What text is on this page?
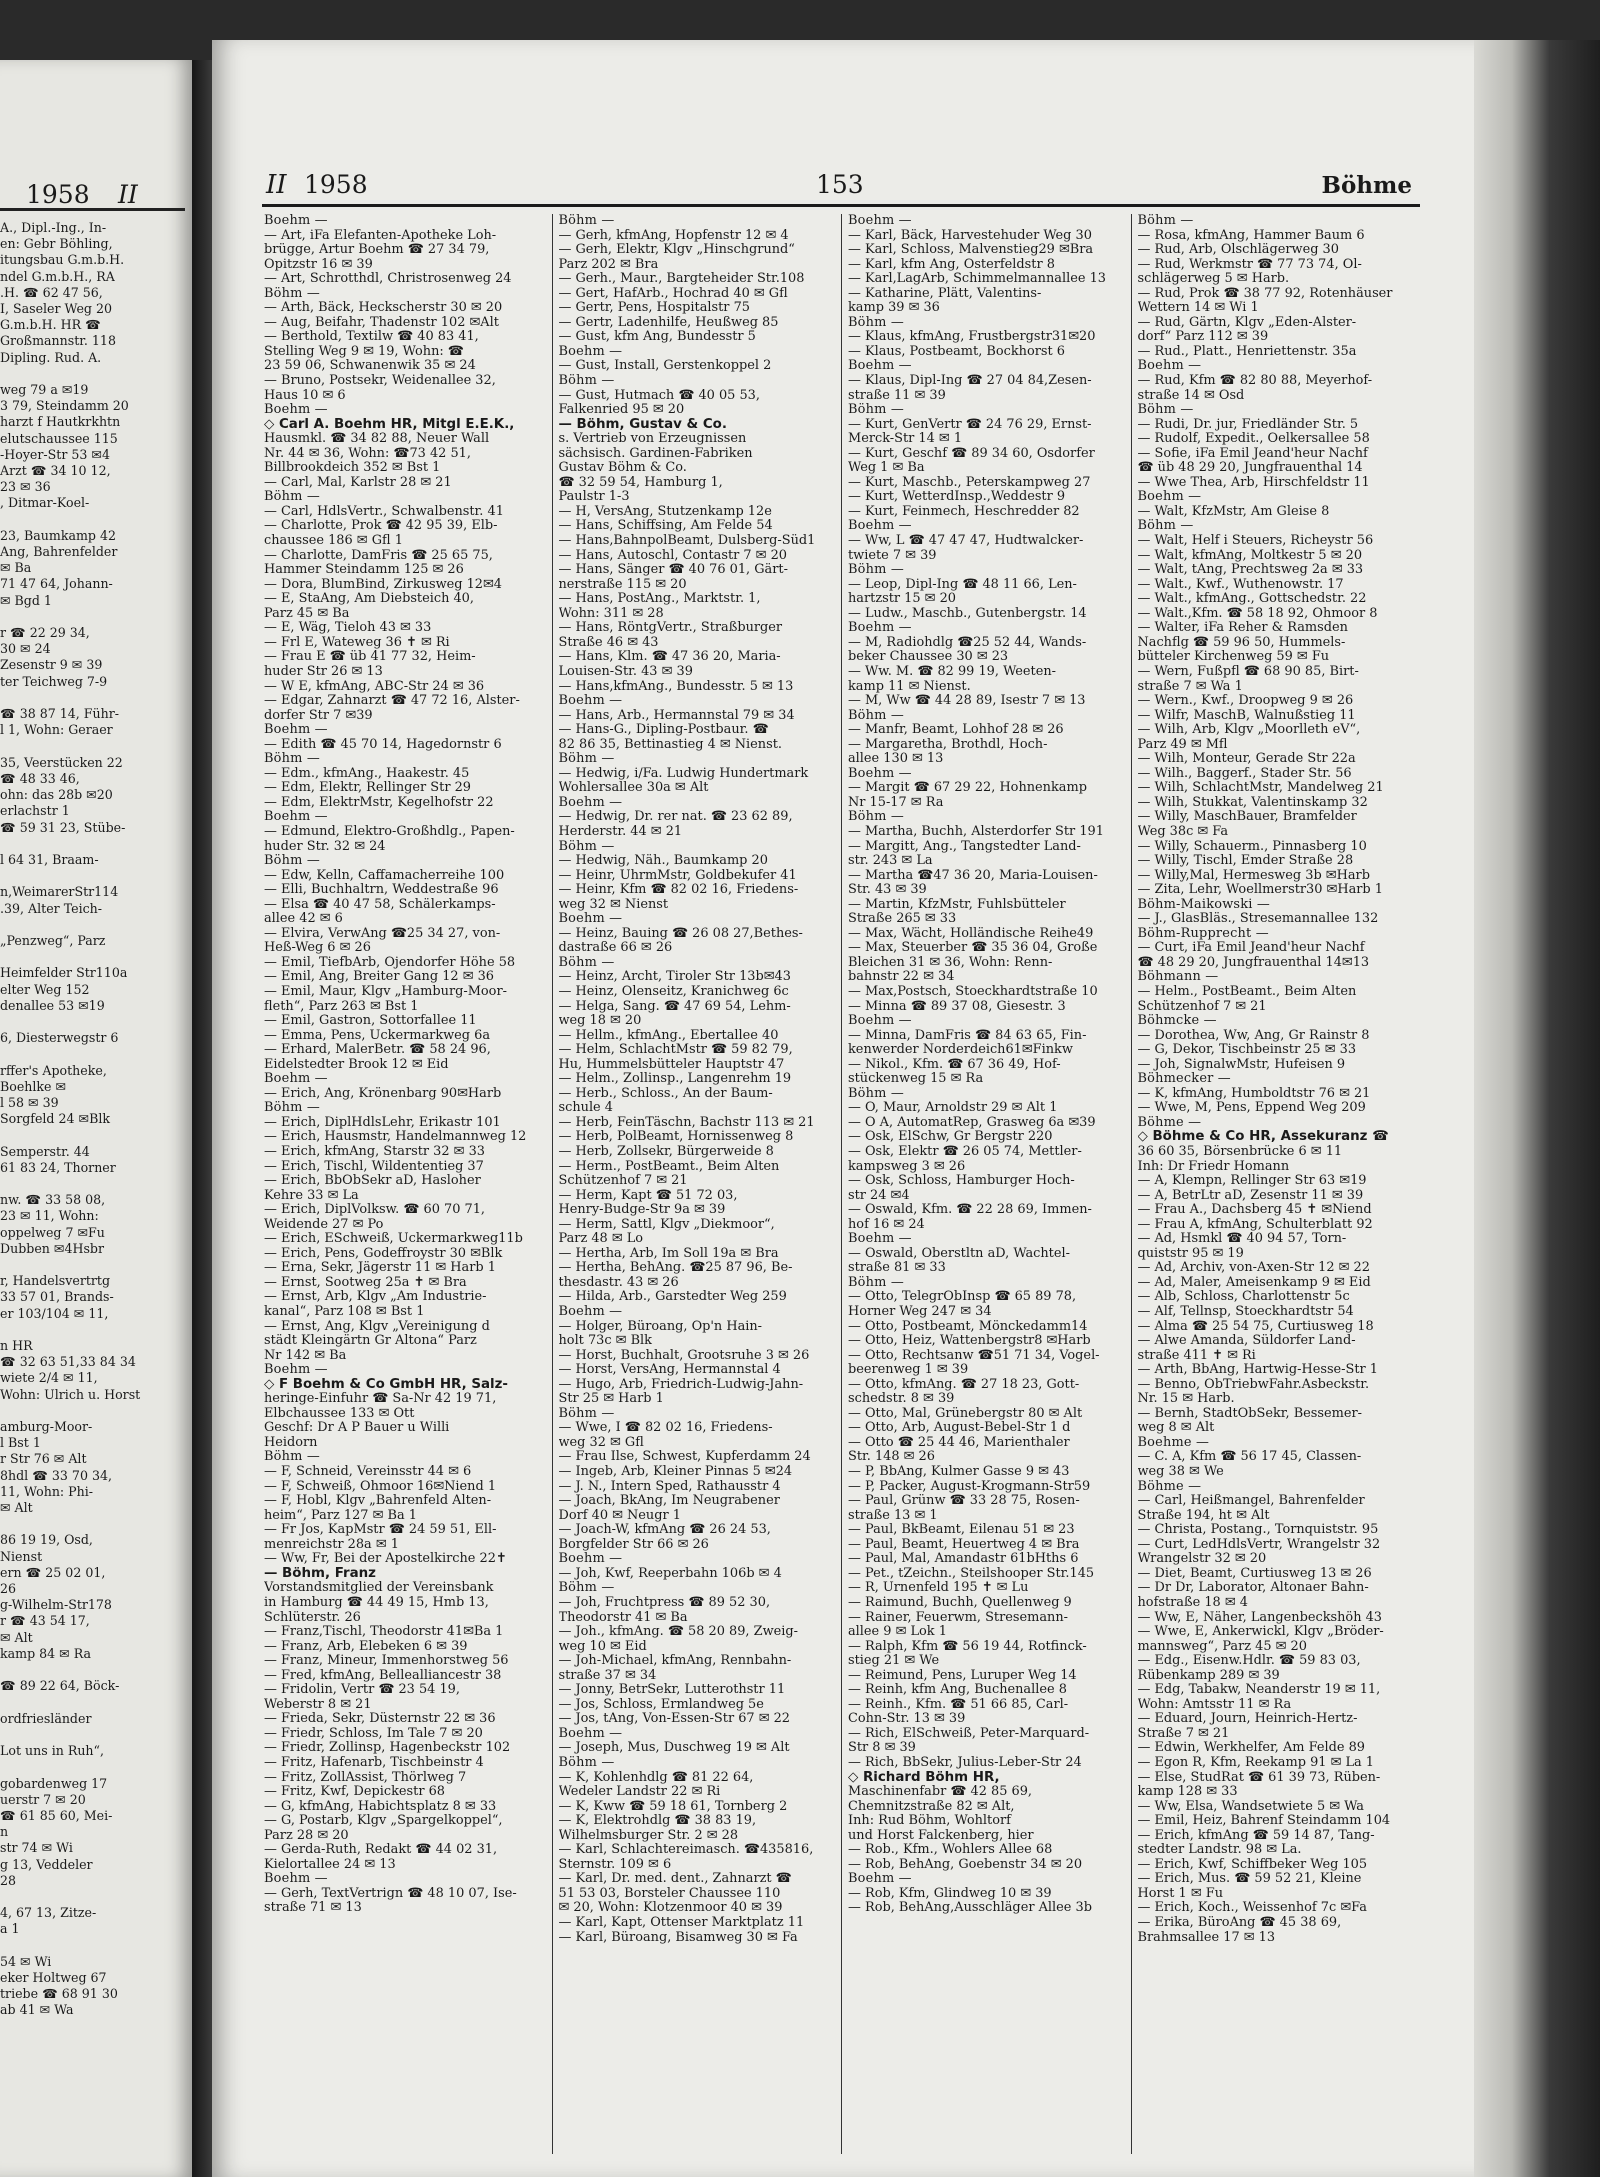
1958 II
A., Dipl.-Ing., In-
en: Gebr Böhling,
itungsbau G.m.b.H.
ndel G.m.b.H., RA
.H. ☎ 62 47 56,
I, Saseler Weg 20
G.m.b.H. HR ☎
Großmannstr. 118
Dipling. Rud. A.

weg 79 a ✉19
3 79, Steindamm 20
harzt f Hautkrkhtn
elutschaussee 115
-Hoyer-Str 53 ✉4
Arzt ☎ 34 10 12,
23 ✉ 36
, Ditmar-Koel-

23, Baumkamp 42
Ang, Bahrenfelder
✉ Ba
71 47 64, Johann-
✉ Bgd 1

r ☎ 22 29 34,
30 ✉ 24
Zesenstr 9 ✉ 39
ter Teichweg 7-9

☎ 38 87 14, Führ-
l 1, Wohn: Geraer

35, Veerstücken 22
☎ 48 33 46,
ohn: das 28b ✉20
erlachstr 1
☎ 59 31 23, Stübe-

l 64 31, Braam-

n,WeimarerStr114
.39, Alter Teich-

„Penzweg“, Parz

Heimfelder Str110a
elter Weg 152
denallee 53 ✉19

6, Diesterwegstr 6

rffer's Apotheke,
Boehlke ✉
l 58 ✉ 39
Sorgfeld 24 ✉Blk

Semperstr. 44
61 83 24, Thorner

nw. ☎ 33 58 08,
23 ✉ 11, Wohn:
oppelweg 7 ✉Fu
Dubben ✉4Hsbr

r, Handelsvertrtg
33 57 01, Brands-
er 103/104 ✉ 11,

n HR
☎ 32 63 51,33 84 34
wiete 2/4 ✉ 11,
Wohn: Ulrich u. Horst

amburg-Moor-
l Bst 1
r Str 76 ✉ Alt
8hdl ☎ 33 70 34,
11, Wohn: Phi-
✉ Alt

86 19 19, Osd,
Nienst
ern ☎ 25 02 01,
26
g-Wilhelm-Str178
r ☎ 43 54 17,
✉ Alt
kamp 84 ✉ Ra

☎ 89 22 64, Böck-

ordfriesländer

Lot uns in Ruh“,

gobardenweg 17
uerstr 7 ✉ 20
☎ 61 85 60, Mei-
n
str 74 ✉ Wi
g 13, Veddeler
28

4, 67 13, Zitze-
a 1

54 ✉ Wi
eker Holtweg 67
triebe ☎ 68 91 30
ab 41 ✉ Wa
II 1958	153	Böhme
Boehm —
— Art, iFa Elefanten-Apotheke Loh-
brügge, Artur Boehm ☎ 27 34 79,
Opitzstr 16 ✉ 39
— Art, Schrotthdl, Christrosenweg 24
Böhm —
— Arth, Bäck, Heckscherstr 30 ✉ 20
— Aug, Beifahr, Thadenstr 102 ✉Alt
— Berthold, Textilw ☎ 40 83 41,
Stelling Weg 9 ✉ 19, Wohn: ☎
23 59 06, Schwanenwik 35 ✉ 24
— Bruno, Postsekr, Weidenallee 32,
Haus 10 ✉ 6
Boehm —
◇ Carl A. Boehm HR, Mitgl E.E.K.,
Hausmkl. ☎ 34 82 88, Neuer Wall
Nr. 44 ✉ 36, Wohn: ☎73 42 51,
Billbrookdeich 352 ✉ Bst 1
— Carl, Mal, Karlstr 28 ✉ 21
Böhm —
— Carl, HdlsVertr., Schwalbenstr. 41
— Charlotte, Prok ☎ 42 95 39, Elb-
chaussee 186 ✉ Gfl 1
— Charlotte, DamFris ☎ 25 65 75,
Hammer Steindamm 125 ✉ 26
— Dora, BlumBind, Zirkusweg 12✉4
— E, StaAng, Am Diebsteich 40,
Parz 45 ✉ Ba
— E, Wäg, Tieloh 43 ✉ 33
— Frl E, Wateweg 36 ✝ ✉ Ri
— Frau E ☎ üb 41 77 32, Heim-
huder Str 26 ✉ 13
— W E, kfmAng, ABC-Str 24 ✉ 36
— Edgar, Zahnarzt ☎ 47 72 16, Alster-
dorfer Str 7 ✉39
Boehm —
— Edith ☎ 45 70 14, Hagedornstr 6
Böhm —
— Edm., kfmAng., Haakestr. 45
— Edm, Elektr, Rellinger Str 29
— Edm, ElektrMstr, Kegelhofstr 22
Boehm —
— Edmund, Elektro-Großhdlg., Papen-
huder Str. 32 ✉ 24
Böhm —
— Edw, Kelln, Caffamacherreihe 100
— Elli, Buchhaltrn, Weddestraße 96
— Elsa ☎ 40 47 58, Schälerkamps-
allee 42 ✉ 6
— Elvira, VerwAng ☎25 34 27, von-
Heß-Weg 6 ✉ 26
— Emil, TiefbArb, Ojendorfer Höhe 58
— Emil, Ang, Breiter Gang 12 ✉ 36
— Emil, Maur, Klgv „Hamburg-Moor-
fleth“, Parz 263 ✉ Bst 1
— Emil, Gastron, Sottorfallee 11
— Emma, Pens, Uckermarkweg 6a
— Erhard, MalerBetr. ☎ 58 24 96,
Eidelstedter Brook 12 ✉ Eid
Boehm —
— Erich, Ang, Krönenbarg 90✉Harb
Böhm —
— Erich, DiplHdlsLehr, Erikastr 101
— Erich, Hausmstr, Handelmannweg 12
— Erich, kfmAng, Starstr 32 ✉ 33
— Erich, Tischl, Wildententieg 37
— Erich, BbObSekr aD, Hasloher
Kehre 33 ✉ La
— Erich, DiplVolksw. ☎ 60 70 71,
Weidende 27 ✉ Po
— Erich, ESchweiß, Uckermarkweg11b
— Erich, Pens, Godeffroystr 30 ✉Blk
— Erna, Sekr, Jägerstr 11 ✉ Harb 1
— Ernst, Sootweg 25a ✝ ✉ Bra
— Ernst, Arb, Klgv „Am Industrie-
kanal“, Parz 108 ✉ Bst 1
— Ernst, Ang, Klgv „Vereinigung d
städt Kleingärtn Gr Altona“ Parz
Nr 142 ✉ Ba
Boehm —
◇ F Boehm & Co GmbH HR, Salz-
heringe-Einfuhr ☎ Sa-Nr 42 19 71,
Elbchaussee 133 ✉ Ott
Geschf: Dr A P Bauer u Willi
Heidorn
Böhm —
— F, Schneid, Vereinsstr 44 ✉ 6
— F, Schweiß, Ohmoor 16✉Niend 1
— F, Hobl, Klgv „Bahrenfeld Alten-
heim“, Parz 127 ✉ Ba 1
— Fr Jos, KapMstr ☎ 24 59 51, Ell-
menreichstr 28a ✉ 1
— Ww, Fr, Bei der Apostelkirche 22✝
— Böhm, Franz
Vorstandsmitglied der Vereinsbank
in Hamburg ☎ 44 49 15, Hmb 13,
Schlüterstr. 26
— Franz,Tischl, Theodorstr 41✉Ba 1
— Franz, Arb, Elebeken 6 ✉ 39
— Franz, Mineur, Immenhorstweg 56
— Fred, kfmAng, Bellealliancestr 38
— Fridolin, Vertr ☎ 23 54 19,
Weberstr 8 ✉ 21
— Frieda, Sekr, Düsternstr 22 ✉ 36
— Friedr, Schloss, Im Tale 7 ✉ 20
— Friedr, Zollinsp, Hagenbeckstr 102
— Fritz, Hafenarb, Tischbeinstr 4
— Fritz, ZollAssist, Thörlweg 7
— Fritz, Kwf, Depickestr 68
— G, kfmAng, Habichtsplatz 8 ✉ 33
— G, Postarb, Klgv „Spargelkoppel“,
Parz 28 ✉ 20
— Gerda-Ruth, Redakt ☎ 44 02 31,
Kielortallee 24 ✉ 13
Boehm —
— Gerh, TextVertrign ☎ 48 10 07, Ise-
straße 71 ✉ 13
Böhm —
— Gerh, kfmAng, Hopfenstr 12 ✉ 4
— Gerh, Elektr, Klgv „Hinschgrund“
Parz 202 ✉ Bra
— Gerh., Maur., Bargteheider Str.108
— Gert, HafArb., Hochrad 40 ✉ Gfl
— Gertr, Pens, Hospitalstr 75
— Gertr, Ladenhilfe, Heußweg 85
— Gust, kfm Ang, Bundesstr 5
Boehm —
— Gust, Install, Gerstenkoppel 2
Böhm —
— Gust, Hutmach ☎ 40 05 53,
Falkenried 95 ✉ 20
— Böhm, Gustav & Co.
s. Vertrieb von Erzeugnissen
sächsisch. Gardinen-Fabriken
Gustav Böhm & Co.
☎ 32 59 54, Hamburg 1,
Paulstr 1-3
— H, VersAng, Stutzenkamp 12e
— Hans, Schiffsing, Am Felde 54
— Hans,BahnpolBeamt, Dulsberg-Süd1
— Hans, Autoschl, Contastr 7 ✉ 20
— Hans, Sänger ☎ 40 76 01, Gärt-
nerstraße 115 ✉ 20
— Hans, PostAng., Marktstr. 1,
Wohn: 311 ✉ 28
— Hans, RöntgVertr., Straßburger
Straße 46 ✉ 43
— Hans, Klm. ☎ 47 36 20, Maria-
Louisen-Str. 43 ✉ 39
— Hans,kfmAng., Bundesstr. 5 ✉ 13
Boehm —
— Hans, Arb., Hermannstal 79 ✉ 34
— Hans-G., Dipling-Postbaur. ☎
82 86 35, Bettinastieg 4 ✉ Nienst.
Böhm —
— Hedwig, i/Fa. Ludwig Hundertmark
Wohlersallee 30a ✉ Alt
Boehm —
— Hedwig, Dr. rer nat. ☎ 23 62 89,
Herderstr. 44 ✉ 21
Böhm —
— Hedwig, Näh., Baumkamp 20
— Heinr, UhrmMstr, Goldbekufer 41
— Heinr, Kfm ☎ 82 02 16, Friedens-
weg 32 ✉ Nienst
Boehm —
— Heinz, Bauing ☎ 26 08 27,Bethes-
dastraße 66 ✉ 26
Böhm —
— Heinz, Archt, Tiroler Str 13b✉43
— Heinz, Olenseitz, Kranichweg 6c
— Helga, Sang. ☎ 47 69 54, Lehm-
weg 18 ✉ 20
— Hellm., kfmAng., Ebertallee 40
— Helm, SchlachtMstr ☎ 59 82 79,
Hu, Hummelsbütteler Hauptstr 47
— Helm., Zollinsp., Langenrehm 19
— Herb., Schloss., An der Baum-
schule 4
— Herb, FeinTäschn, Bachstr 113 ✉ 21
— Herb, PolBeamt, Hornissenweg 8
— Herb, Zollsekr, Bürgerweide 8
— Herm., PostBeamt., Beim Alten
Schützenhof 7 ✉ 21
— Herm, Kapt ☎ 51 72 03,
Henry-Budge-Str 9a ✉ 39
— Herm, Sattl, Klgv „Diekmoor“,
Parz 48 ✉ Lo
— Hertha, Arb, Im Soll 19a ✉ Bra
— Hertha, BehAng. ☎25 87 96, Be-
thesdastr. 43 ✉ 26
— Hilda, Arb., Garstedter Weg 259
Boehm —
— Holger, Büroang, Op'n Hain-
holt 73c ✉ Blk
— Horst, Buchhalt, Grootsruhe 3 ✉ 26
— Horst, VersAng, Hermannstal 4
— Hugo, Arb, Friedrich-Ludwig-Jahn-
Str 25 ✉ Harb 1
Böhm —
— Wwe, I ☎ 82 02 16, Friedens-
weg 32 ✉ Gfl
— Frau Ilse, Schwest, Kupferdamm 24
— Ingeb, Arb, Kleiner Pinnas 5 ✉24
— J. N., Intern Sped, Rathausstr 4
— Joach, BkAng, Im Neugrabener
Dorf 40 ✉ Neugr 1
— Joach-W, kfmAng ☎ 26 24 53,
Borgfelder Str 66 ✉ 26
Boehm —
— Joh, Kwf, Reeperbahn 106b ✉ 4
Böhm —
— Joh, Fruchtpress ☎ 89 52 30,
Theodorstr 41 ✉ Ba
— Joh., kfmAng. ☎ 58 20 89, Zweig-
weg 10 ✉ Eid
— Joh-Michael, kfmAng, Rennbahn-
straße 37 ✉ 34
— Jonny, BetrSekr, Lutterothstr 11
— Jos, Schloss, Ermlandweg 5e
— Jos, tAng, Von-Essen-Str 67 ✉ 22
Boehm —
— Joseph, Mus, Duschweg 19 ✉ Alt
Böhm —
— K, Kohlenhdlg ☎ 81 22 64,
Wedeler Landstr 22 ✉ Ri
— K, Kww ☎ 59 18 61, Tornberg 2
— K, Elektrohdlg ☎ 38 83 19,
Wilhelmsburger Str. 2 ✉ 28
— Karl, Schlachtereimasch. ☎435816,
Sternstr. 109 ✉ 6
— Karl, Dr. med. dent., Zahnarzt ☎
51 53 03, Borsteler Chaussee 110
✉ 20, Wohn: Klotzenmoor 40 ✉ 39
— Karl, Kapt, Ottenser Marktplatz 11
— Karl, Büroang, Bisamweg 30 ✉ Fa
Boehm —
— Karl, Bäck, Harvestehuder Weg 30
— Karl, Schloss, Malvenstieg29 ✉Bra
— Karl, kfm Ang, Osterfeldstr 8
— Karl,LagArb, Schimmelmannallee 13
— Katharine, Plätt, Valentins-
kamp 39 ✉ 36
Böhm —
— Klaus, kfmAng, Frustbergstr31✉20
— Klaus, Postbeamt, Bockhorst 6
Boehm —
— Klaus, Dipl-Ing ☎ 27 04 84,Zesen-
straße 11 ✉ 39
Böhm —
— Kurt, GenVertr ☎ 24 76 29, Ernst-
Merck-Str 14 ✉ 1
— Kurt, Geschf ☎ 89 34 60, Osdorfer
Weg 1 ✉ Ba
— Kurt, Maschb., Peterskampweg 27
— Kurt, WetterdInsp.,Weddestr 9
— Kurt, Feinmech, Heschredder 82
Boehm —
— Ww, L ☎ 47 47 47, Hudtwalcker-
twiete 7 ✉ 39
Böhm —
— Leop, Dipl-Ing ☎ 48 11 66, Len-
hartzstr 15 ✉ 20
— Ludw., Maschb., Gutenbergstr. 14
Boehm —
— M, Radiohdlg ☎25 52 44, Wands-
beker Chaussee 30 ✉ 23
— Ww. M. ☎ 82 99 19, Weeten-
kamp 11 ✉ Nienst.
— M, Ww ☎ 44 28 89, Isestr 7 ✉ 13
Böhm —
— Manfr, Beamt, Lohhof 28 ✉ 26
— Margaretha, Brothdl, Hoch-
allee 130 ✉ 13
Boehm —
— Margit ☎ 67 29 22, Hohnenkamp
Nr 15-17 ✉ Ra
Böhm —
— Martha, Buchh, Alsterdorfer Str 191
— Margitt, Ang., Tangstedter Land-
str. 243 ✉ La
— Martha ☎47 36 20, Maria-Louisen-
Str. 43 ✉ 39
— Martin, KfzMstr, Fuhlsbütteler
Straße 265 ✉ 33
— Max, Wächt, Holländische Reihe49
— Max, Steuerber ☎ 35 36 04, Große
Bleichen 31 ✉ 36, Wohn: Renn-
bahnstr 22 ✉ 34
— Max,Postsch, Stoeckhardtstraße 10
— Minna ☎ 89 37 08, Giesestr. 3
Boehm —
— Minna, DamFris ☎ 84 63 65, Fin-
kenwerder Norderdeich61✉Finkw
— Nikol., Kfm. ☎ 67 36 49, Hof-
stückenweg 15 ✉ Ra
Böhm —
— O, Maur, Arnoldstr 29 ✉ Alt 1
— O A, AutomatRep, Grasweg 6a ✉39
— Osk, ElSchw, Gr Bergstr 220
— Osk, Elektr ☎ 26 05 74, Mettler-
kampsweg 3 ✉ 26
— Osk, Schloss, Hamburger Hoch-
str 24 ✉4
— Oswald, Kfm. ☎ 22 28 69, Immen-
hof 16 ✉ 24
Boehm —
— Oswald, Oberstltn aD, Wachtel-
straße 81 ✉ 33
Böhm —
— Otto, TelegrObInsp ☎ 65 89 78,
Horner Weg 247 ✉ 34
— Otto, Postbeamt, Mönckedamm14
— Otto, Heiz, Wattenbergstr8 ✉Harb
— Otto, Rechtsanw ☎51 71 34, Vogel-
beerenweg 1 ✉ 39
— Otto, kfmAng. ☎ 27 18 23, Gott-
schedstr. 8 ✉ 39
— Otto, Mal, Grünebergstr 80 ✉ Alt
— Otto, Arb, August-Bebel-Str 1 d
— Otto ☎ 25 44 46, Marienthaler
Str. 148 ✉ 26
— P, BbAng, Kulmer Gasse 9 ✉ 43
— P, Packer, August-Krogmann-Str59
— Paul, Grünw ☎ 33 28 75, Rosen-
straße 13 ✉ 1
— Paul, BkBeamt, Eilenau 51 ✉ 23
— Paul, Beamt, Heuertweg 4 ✉ Bra
— Paul, Mal, Amandastr 61bHths 6
— Pet., tZeichn., Steilshooper Str.145
— R, Urnenfeld 195 ✝ ✉ Lu
— Raimund, Buchh, Quellenweg 9
— Rainer, Feuerwm, Stresemann-
allee 9 ✉ Lok 1
— Ralph, Kfm ☎ 56 19 44, Rotfinck-
stieg 21 ✉ We
— Reimund, Pens, Luruper Weg 14
— Reinh, kfm Ang, Buchenallee 8
— Reinh., Kfm. ☎ 51 66 85, Carl-
Cohn-Str. 13 ✉ 39
— Rich, ElSchweiß, Peter-Marquard-
Str 8 ✉ 39
— Rich, BbSekr, Julius-Leber-Str 24
◇ Richard Böhm HR,
Maschinenfabr ☎ 42 85 69,
Chemnitzstraße 82 ✉ Alt,
Inh: Rud Böhm, Wohltorf
und Horst Falckenberg, hier
— Rob., Kfm., Wohlers Allee 68
— Rob, BehAng, Goebenstr 34 ✉ 20
Boehm —
— Rob, Kfm, Glindweg 10 ✉ 39
— Rob, BehAng,Ausschläger Allee 3b
Böhm —
— Rosa, kfmAng, Hammer Baum 6
— Rud, Arb, Olschlägerweg 30
— Rud, Werkmstr ☎ 77 73 74, Öl-
schlägerweg 5 ✉ Harb.
— Rud, Prok ☎ 38 77 92, Rotenhäuser
Wettern 14 ✉ Wi 1
— Rud, Gärtn, Klgv „Eden-Alster-
dorf“ Parz 112 ✉ 39
— Rud., Platt., Henriettenstr. 35a
Boehm —
— Rud, Kfm ☎ 82 80 88, Meyerhof-
straße 14 ✉ Osd
Böhm —
— Rudi, Dr. jur, Friedländer Str. 5
— Rudolf, Expedit., Oelkersallee 58
— Sofie, iFa Emil Jeand'heur Nachf
☎ üb 48 29 20, Jungfrauenthal 14
— Wwe Thea, Arb, Hirschfeldstr 11
Boehm —
— Walt, KfzMstr, Am Gleise 8
Böhm —
— Walt, Helf i Steuers, Richeystr 56
— Walt, kfmAng, Moltkestr 5 ✉ 20
— Walt, tAng, Prechtsweg 2a ✉ 33
— Walt., Kwf., Wuthenowstr. 17
— Walt., kfmAng., Gottschedstr. 22
— Walt.,Kfm. ☎ 58 18 92, Ohmoor 8
— Walter, iFa Reher & Ramsden
Nachflg ☎ 59 96 50, Hummels-
bütteler Kirchenweg 59 ✉ Fu
— Wern, Fußpfl ☎ 68 90 85, Birt-
straße 7 ✉ Wa 1
— Wern., Kwf., Droopweg 9 ✉ 26
— Wilfr, MaschB, Walnußstieg 11
— Wilh, Arb, Klgv „Moorlleth eV“,
Parz 49 ✉ Mfl
— Wilh, Monteur, Gerade Str 22a
— Wilh., Baggerf., Stader Str. 56
— Wilh, SchlachtMstr, Mandelweg 21
— Wilh, Stukkat, Valentinskamp 32
— Willy, MaschBauer, Bramfelder
Weg 38c ✉ Fa
— Willy, Schauerm., Pinnasberg 10
— Willy, Tischl, Emder Straße 28
— Willy,Mal, Hermesweg 3b ✉Harb
— Zita, Lehr, Woellmerstr30 ✉Harb 1
Böhm-Maikowski —
— J., GlasBläs., Stresemannallee 132
Böhm-Rupprecht —
— Curt, iFa Emil Jeand'heur Nachf
☎ 48 29 20, Jungfrauenthal 14✉13
Böhmann —
— Helm., PostBeamt., Beim Alten
Schützenhof 7 ✉ 21
Böhmcke —
— Dorothea, Ww, Ang, Gr Rainstr 8
— G, Dekor, Tischbeinstr 25 ✉ 33
— Joh, SignalwMstr, Hufeisen 9
Böhmecker —
— K, kfmAng, Humboldtstr 76 ✉ 21
— Wwe, M, Pens, Eppend Weg 209
Böhme —
◇ Böhme & Co HR, Assekuranz ☎
36 60 35, Börsenbrücke 6 ✉ 11
Inh: Dr Friedr Homann
— A, Klempn, Rellinger Str 63 ✉19
— A, BetrLtr aD, Zesenstr 11 ✉ 39
— Frau A., Dachsberg 45 ✝ ✉Niend
— Frau A, kfmAng, Schulterblatt 92
— Ad, Hsmkl ☎ 40 94 57, Torn-
quiststr 95 ✉ 19
— Ad, Archiv, von-Axen-Str 12 ✉ 22
— Ad, Maler, Ameisenkamp 9 ✉ Eid
— Alb, Schloss, Charlottenstr 5c
— Alf, Tellnsp, Stoeckhardtstr 54
— Alma ☎ 25 54 75, Curtiusweg 18
— Alwe Amanda, Süldorfer Land-
straße 411 ✝ ✉ Ri
— Arth, BbAng, Hartwig-Hesse-Str 1
— Benno, ObTriebwFahr.Asbeckstr.
Nr. 15 ✉ Harb.
— Bernh, StadtObSekr, Bessemer-
weg 8 ✉ Alt
Boehme —
— C. A, Kfm ☎ 56 17 45, Classen-
weg 38 ✉ We
Böhme —
— Carl, Heißmangel, Bahrenfelder
Straße 194, ht ✉ Alt
— Christa, Postang., Tornquiststr. 95
— Curt, LedHdlsVertr, Wrangelstr 32
Wrangelstr 32 ✉ 20
— Diet, Beamt, Curtiusweg 13 ✉ 26
— Dr Dr, Laborator, Altonaer Bahn-
hofstraße 18 ✉ 4
— Ww, E, Näher, Langenbeckshöh 43
— Wwe, E, Ankerwickl, Klgv „Bröder-
mannsweg“, Parz 45 ✉ 20
— Edg., Eisenw.Hdlr. ☎ 59 83 03,
Rübenkamp 289 ✉ 39
— Edg, Tabakw, Neanderstr 19 ✉ 11,
Wohn: Amtsstr 11 ✉ Ra
— Eduard, Journ, Heinrich-Hertz-
Straße 7 ✉ 21
— Edwin, Werkhelfer, Am Felde 89
— Egon R, Kfm, Reekamp 91 ✉ La 1
— Else, StudRat ☎ 61 39 73, Rüben-
kamp 128 ✉ 33
— Ww, Elsa, Wandsetwiete 5 ✉ Wa
— Emil, Heiz, Bahrenf Steindamm 104
— Erich, kfmAng ☎ 59 14 87, Tang-
stedter Landstr. 98 ✉ La.
— Erich, Kwf, Schiffbeker Weg 105
— Erich, Mus. ☎ 59 52 21, Kleine
Horst 1 ✉ Fu
— Erich, Koch., Weissenhof 7c ✉Fa
— Erika, BüroAng ☎ 45 38 69,
Brahmsallee 17 ✉ 13
